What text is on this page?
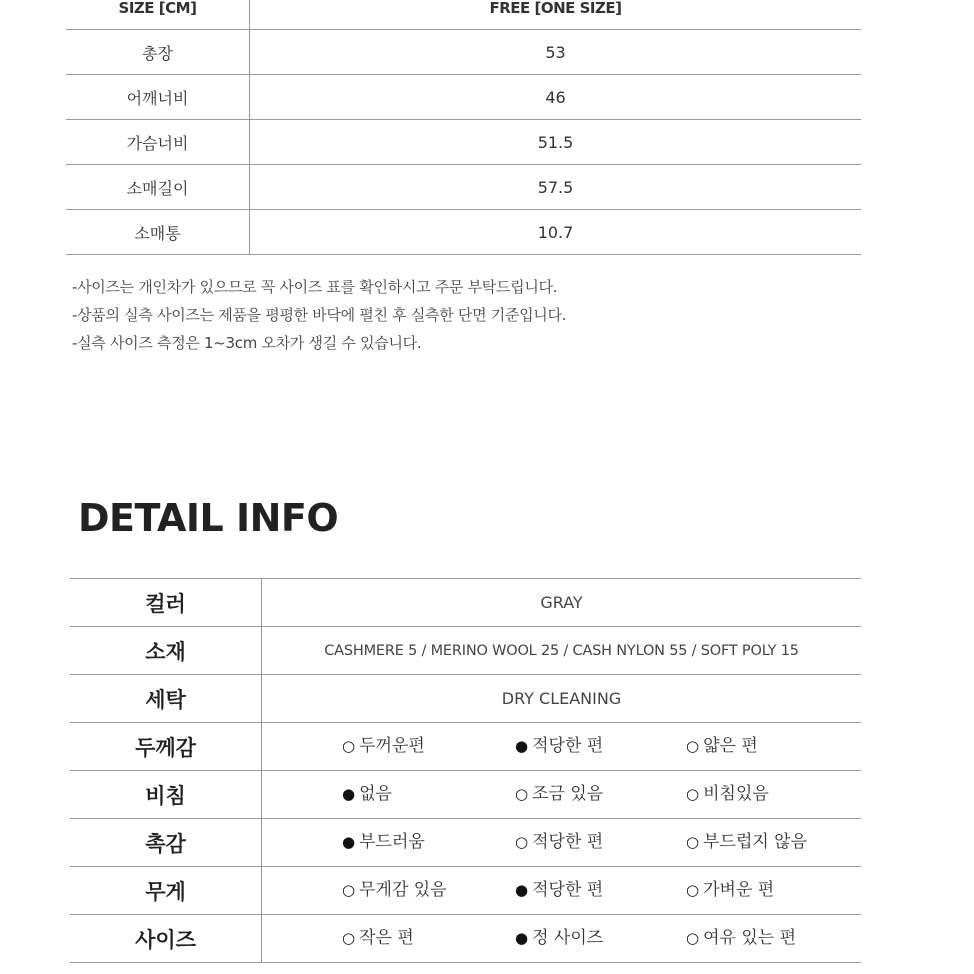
SIZE [CM]	FREE [ONE SIZE]
총장	53
어깨너비	46
가슴너비	51.5
소매길이	57.5
소매통	10.7
-사이즈는 개인차가 있으므로 꼭 사이즈 표를 확인하시고 주문 부탁드립니다.
-상품의 실측 사이즈는 제품을 평평한 바닥에 펼친 후 실측한 단면 기준입니다.
-실측 사이즈 측정은 1~3cm 오차가 생길 수 있습니다.
DETAIL INFO
컬러	GRAY
소재	CASHMERE 5 / MERINO WOOL 25 / CASH NYLON 55 / SOFT POLY 15
세탁	DRY CLEANING
두께감	○ 두꺼운편 ● 적당한 편 ○ 얇은 편

비침	● 없음 ○ 조금 있음 ○ 비침있음

촉감	● 부드러움 ○ 적당한 편 ○ 부드럽지 않음

무게	○ 무게감 있음 ● 적당한 편 ○ 가벼운 편

사이즈	○ 작은 편 ● 정 사이즈 ○ 여유 있는 편
